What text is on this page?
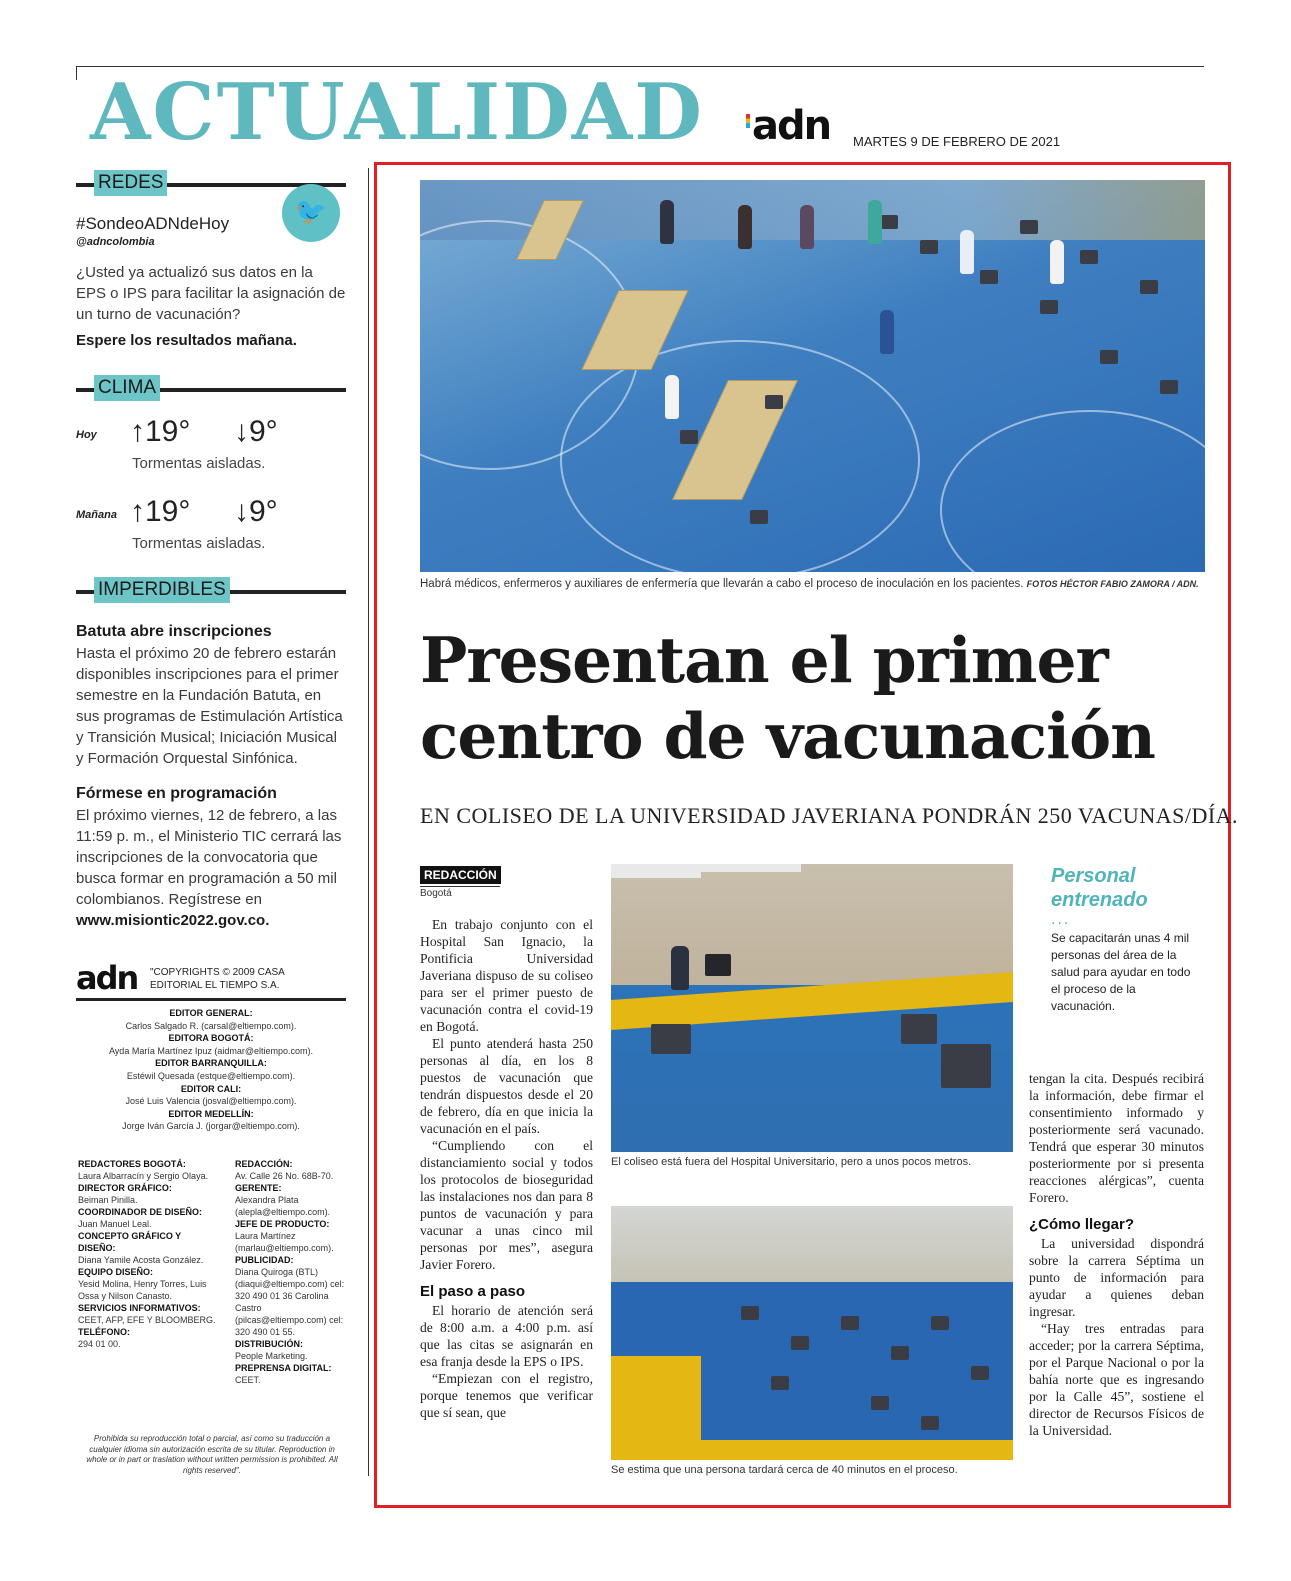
ACTUALIDAD adn MARTES 9 DE FEBRERO DE 2021
REDES
🐦
#SondeoADNdeHoy
@adncolombia
¿Usted ya actualizó sus datos en la EPS o IPS para facilitar la asignación de un turno de vacunación?
Espere los resultados mañana.
CLIMA
Hoy ↑19° ↓9°
Tormentas aisladas.
Mañana ↑19° ↓9°
Tormentas aisladas.
IMPERDIBLES
Batuta abre inscripciones
Hasta el próximo 20 de febrero estarán disponibles inscripciones para el primer semestre en la Fundación Batuta, en sus programas de Estimulación Artística y Transición Musical; Iniciación Musical y Formación Orquestal Sinfónica.
Fórmese en programación
El próximo viernes, 12 de febrero, a las 11:59 p. m., el Ministerio TIC cerrará las inscripciones de la convocatoria que busca formar en programación a 50 mil colombianos. Regístrese en
www.misiontic2022.gov.co.
adn	"COPYRIGHTS © 2009 CASA EDITORIAL EL TIEMPO S.A.
EDITOR GENERAL:
Carlos Salgado R. (carsal@eltiempo.com).
EDITORA BOGOTÁ:
Ayda María Martínez Ipuz (aidmar@eltiempo.com).
EDITOR BARRANQUILLA:
Estéwil Quesada (estque@eltiempo.com).
EDITOR CALI:
José Luis Valencia (josval@eltiempo.com).
EDITOR MEDELLÍN:
Jorge Iván García J. (jorgar@eltiempo.com).
REDACTORES BOGOTÁ:
Laura Albarracín y Sergio Olaya.
DIRECTOR GRÁFICO:
Beiman Pinilla.
COORDINADOR DE DISEÑO:
Juan Manuel Leal.
CONCEPTO GRÁFICO Y DISEÑO:
Diana Yamile Acosta González.
EQUIPO DISEÑO:
Yesid Molina, Henry Torres, Luis Ossa y Nilson Canasto.
SERVICIOS INFORMATIVOS:
CEET, AFP, EFE Y BLOOMBERG.
TELÉFONO:
294 01 00.
REDACCIÓN:
Av. Calle 26 No. 68B-70.
GERENTE:
Alexandra Plata (alepla@eltiempo.com).
JEFE DE PRODUCTO:
Laura Martínez (marlau@eltiempo.com).
PUBLICIDAD:
Diana Quiroga (BTL) (diaqui@eltiempo.com) cel: 320 490 01 36 Carolina Castro (pilcas@eltiempo.com) cel: 320 490 01 55.
DISTRIBUCIÓN:
People Marketing.
PREPRENSA DIGITAL:
CEET.
Prohibida su reproducción total o parcial, así como su traducción a cualquier idioma sin autorización escrita de su titular. Reproduction in whole or in part or traslation without written permission is prohibited. All rights reserved".
Habrá médicos, enfermeros y auxiliares de enfermería que llevarán a cabo el proceso de inoculación en los pacientes. FOTOS HÉCTOR FABIO ZAMORA / ADN.
Presentan el primer centro de vacunación
EN COLISEO DE LA UNIVERSIDAD JAVERIANA PONDRÁN 250 VACUNAS/DÍA.
REDACCIÓN
Bogotá

En trabajo conjunto con el Hospital San Ignacio, la Pontificia Universidad Javeriana dispuso de su coliseo para ser el primer puesto de vacunación contra el covid-19 en Bogotá.

El punto atenderá hasta 250 personas al día, en los 8 puestos de vacunación que tendrán dispuestos desde el 20 de febrero, día en que inicia la vacunación en el país.

“Cumpliendo con el distanciamiento social y todos los protocolos de bioseguridad las instalaciones nos dan para 8 puntos de vacunación y para vacunar a unas cinco mil personas por mes”, asegura Javier Forero.

El paso a paso

El horario de atención será de 8:00 a.m. a 4:00 p.m. así que las citas se asignarán en esa franja desde la EPS o IPS.

“Empiezan con el registro, porque tenemos que verificar que sí sean, que

El coliseo está fuera del Hospital Universitario, pero a unos pocos metros.
Se estima que una persona tardará cerca de 40 minutos en el proceso.
Personal entrenado
...
Se capacitarán unas 4 mil personas del área de la salud para ayudar en todo el proceso de la vacunación.

tengan la cita. Después recibirá la información, debe firmar el consentimiento informado y posteriormente será vacunado. Tendrá que esperar 30 minutos posteriormente por si presenta reacciones alérgicas”, cuenta Forero.

¿Cómo llegar?

La universidad dispondrá sobre la carrera Séptima un punto de información para ayudar a quienes deban ingresar.

“Hay tres entradas para acceder; por la carrera Séptima, por el Parque Nacional o por la bahía norte que es ingresando por la Calle 45”, sostiene el director de Recursos Físicos de la Universidad.
